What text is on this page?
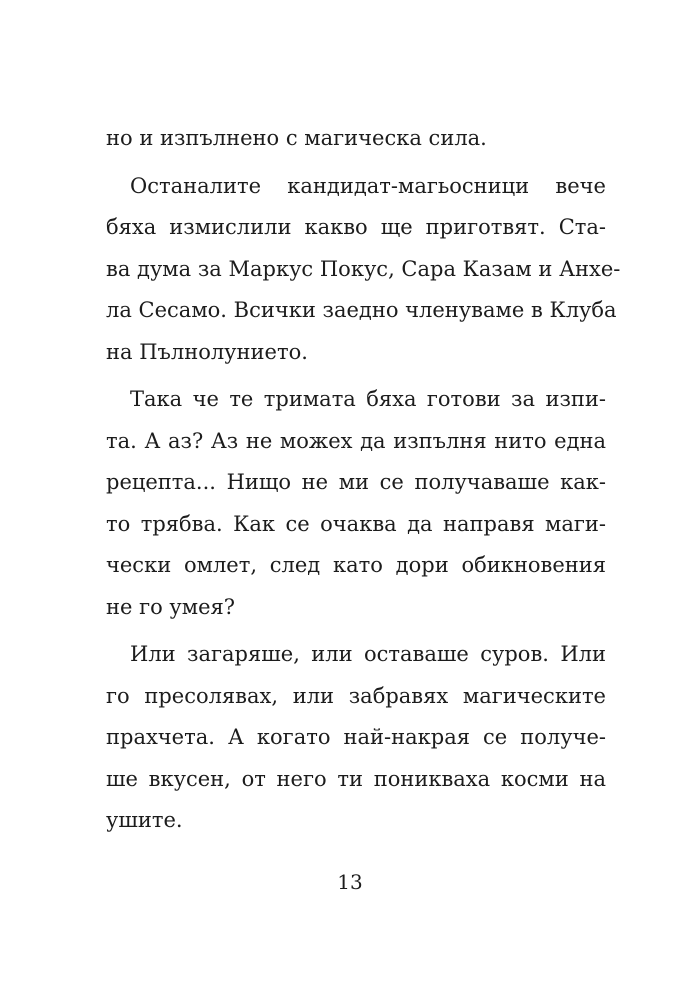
но и изпълнено с магическа сила.

Останалите кандидат-магьосници вече
бяха измислили какво ще приготвят. Ста-
ва дума за Маркус Покус, Сара Казам и Анхе-
ла Сесамо. Всички заедно членуваме в Клуба
на Пълнолунието.

Така че те тримата бяха готови за изпи-
та. А аз? Аз не можех да изпълня нито една
рецепта... Нищо не ми се получаваше как-
то трябва. Как се очаква да направя маги-
чески омлет, след като дори обикновения
не го умея?

Или загаряше, или оставаше суров. Или
го пресолявах, или забравях магическите
прахчета. А когато най-накрая се получе-
ше вкусен, от него ти поникваха косми на
ушите.

13
